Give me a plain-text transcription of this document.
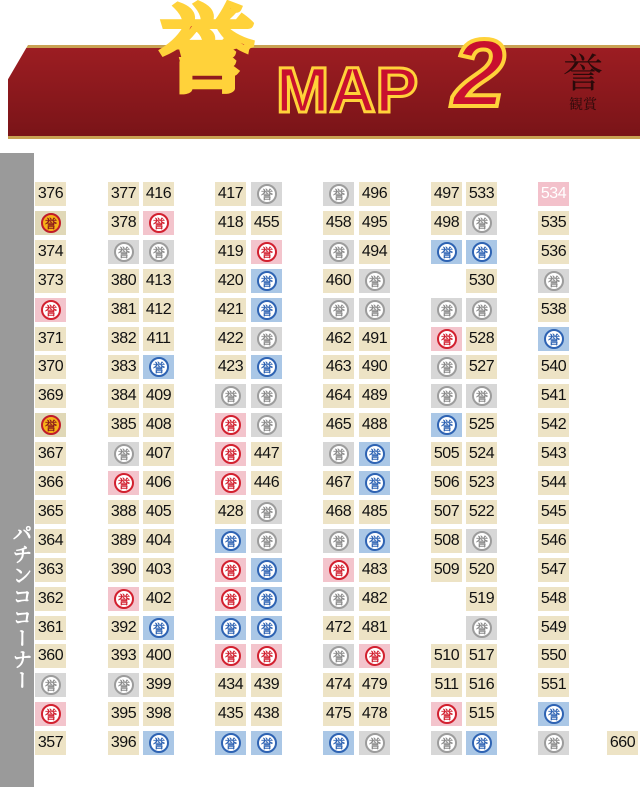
誉 MAP 2	誉
観賞
パチンココーナー
376
誉
374
373
誉
371
370
369
誉
367
366
365
364
363
362
361
360
誉
誉
357
377
378
誉
380
381
382
383
384
385
誉
誉
388
389
390
誉
392
393
誉
395
396
416
誉
誉
413
412
411
誉
409
408
407
406
405
404
403
402
誉
400
399
398
誉
417
418
419
420
421
422
423
誉
誉
誉
誉
428
誉
誉
誉
誉
誉
434
435
誉
誉
455
誉
誉
誉
誉
誉
誉
誉
447
446
誉
誉
誉
誉
誉
誉
439
438
誉
誉
458
誉
460
誉
462
463
464
465
誉
467
468
誉
誉
誉
472
誉
474
475
誉
496
495
494
誉
誉
491
490
489
488
誉
誉
485
誉
483
482
481
誉
479
478
誉
497
498
誉
誉
誉
誉
誉
誉
505
506
507
508
509
510
511
誉
誉
533
誉
誉
530
誉
528
527
誉
525
524
523
522
誉
520
519
誉
517
516
515
誉
534
535
536
誉
538
誉
540
541
542
543
544
545
546
547
548
549
550
551
誉
誉	660
